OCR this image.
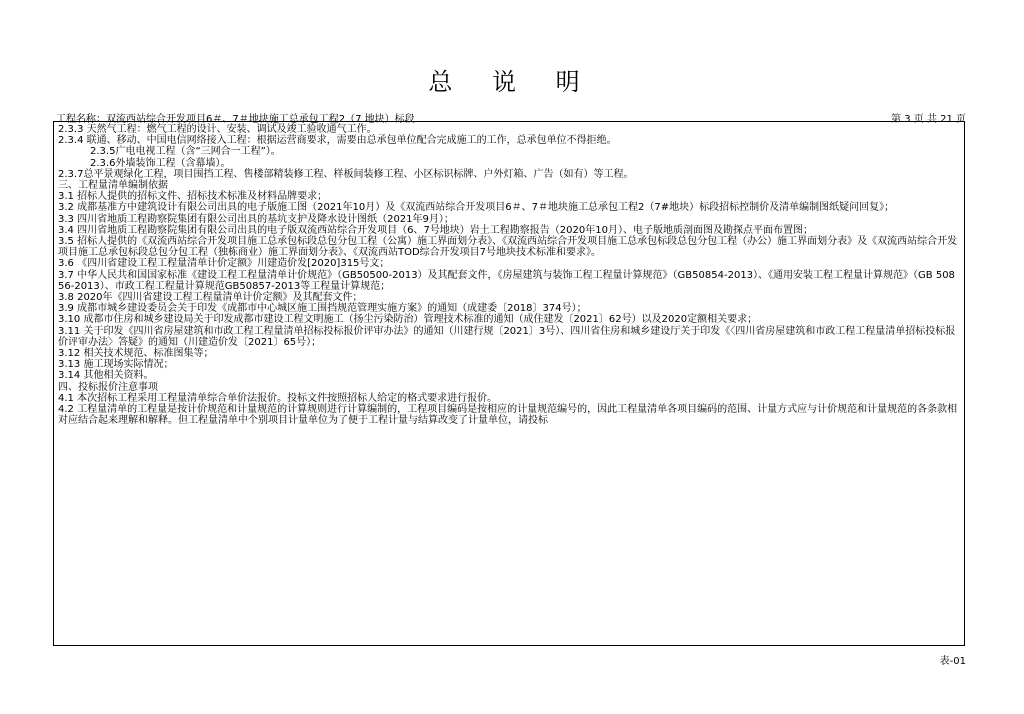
总 说 明
工程名称：双流西站综合开发项目6＃、7＃地块施工总承包工程2（7 地块）标段	第 3 页 共 21 页
2.3.3 天然气工程：燃气工程的设计、安装、调试及竣工验收通气工作。
2.3.4 联通、移动、中国电信网络接入工程：根据运营商要求，需要由总承包单位配合完成施工的工作，总承包单位不得拒绝。
2.3.5广电电视工程（含“三网合一工程”）。
2.3.6外墙装饰工程（含幕墙）。
2.3.7总平景观绿化工程，项目围挡工程、售楼部精装修工程、样板间装修工程、小区标识标牌、户外灯箱、广告（如有）等工程。
三、工程量清单编制依据
3.1 招标人提供的招标文件、招标技术标准及材料品牌要求；
3.2 成都基准方中建筑设计有限公司出具的电子版施工图（2021年10月）及《双流西站综合开发项目6＃、7＃地块施工总承包工程2（7#地块）标段招标控制价及清单编制图纸疑问回复》；
3.3 四川省地质工程勘察院集团有限公司出具的基坑支护及降水设计图纸（2021年9月）；
3.4 四川省地质工程勘察院集团有限公司出具的电子版双流西站综合开发项目（6、7号地块）岩土工程勘察报告（2020年10月）、电子版地质剖面图及勘探点平面布置图；
3.5 招标人提供的《双流西站综合开发项目施工总承包标段总包分包工程（公寓）施工界面划分表》、《双流西站综合开发项目施工总承包标段总包分包工程（办公）施工界面划分表》及《双流西站综合开发项目施工总承包标段总包分包工程（独栋商业）施工界面划分表》、《双流西站TOD综合开发项目7号地块技术标准和要求》。
3.6 《四川省建设工程工程量清单计价定额》川建造价发[2020]315号文；
3.7 中华人民共和国国家标准《建设工程工程量清单计价规范》（GB50500-2013）及其配套文件，《房屋建筑与装饰工程工程量计算规范》（GB50854-2013）、《通用安装工程工程量计算规范》（GB 50856-2013）、市政工程工程量计算规范GB50857-2013等工程量计算规范；
3.8 2020年《四川省建设工程工程量清单计价定额》及其配套文件；
3.9 成都市城乡建设委员会关于印发《成都市中心城区施工围挡规范管理实施方案》的通知（成建委〔2018〕374号）；
3.10 成都市住房和城乡建设局关于印发成都市建设工程文明施工（扬尘污染防治）管理技术标准的通知（成住建发〔2021〕62号）以及2020定额相关要求；
3.11 关于印发《四川省房屋建筑和市政工程工程量清单招标投标报价评审办法》的通知（川建行规〔2021〕3号）、四川省住房和城乡建设厅关于印发《〈四川省房屋建筑和市政工程工程量清单招标投标报价评审办法〉答疑》的通知（川建造价发〔2021〕65号）；
3.12 相关技术规范、标准图集等；
3.13 施工现场实际情况；
3.14 其他相关资料。
四、投标报价注意事项
4.1 本次招标工程采用工程量清单综合单价法报价。投标文件按照招标人给定的格式要求进行报价。
4.2 工程量清单的工程量是按计价规范和计量规范的计算规则进行计算编制的，工程项目编码是按相应的计量规范编号的，因此工程量清单各项目编码的范围、计量方式应与计价规范和计量规范的各条款相对应结合起来理解和解释。但工程量清单中个别项目计量单位为了便于工程计量与结算改变了计量单位，请投标
表-01
